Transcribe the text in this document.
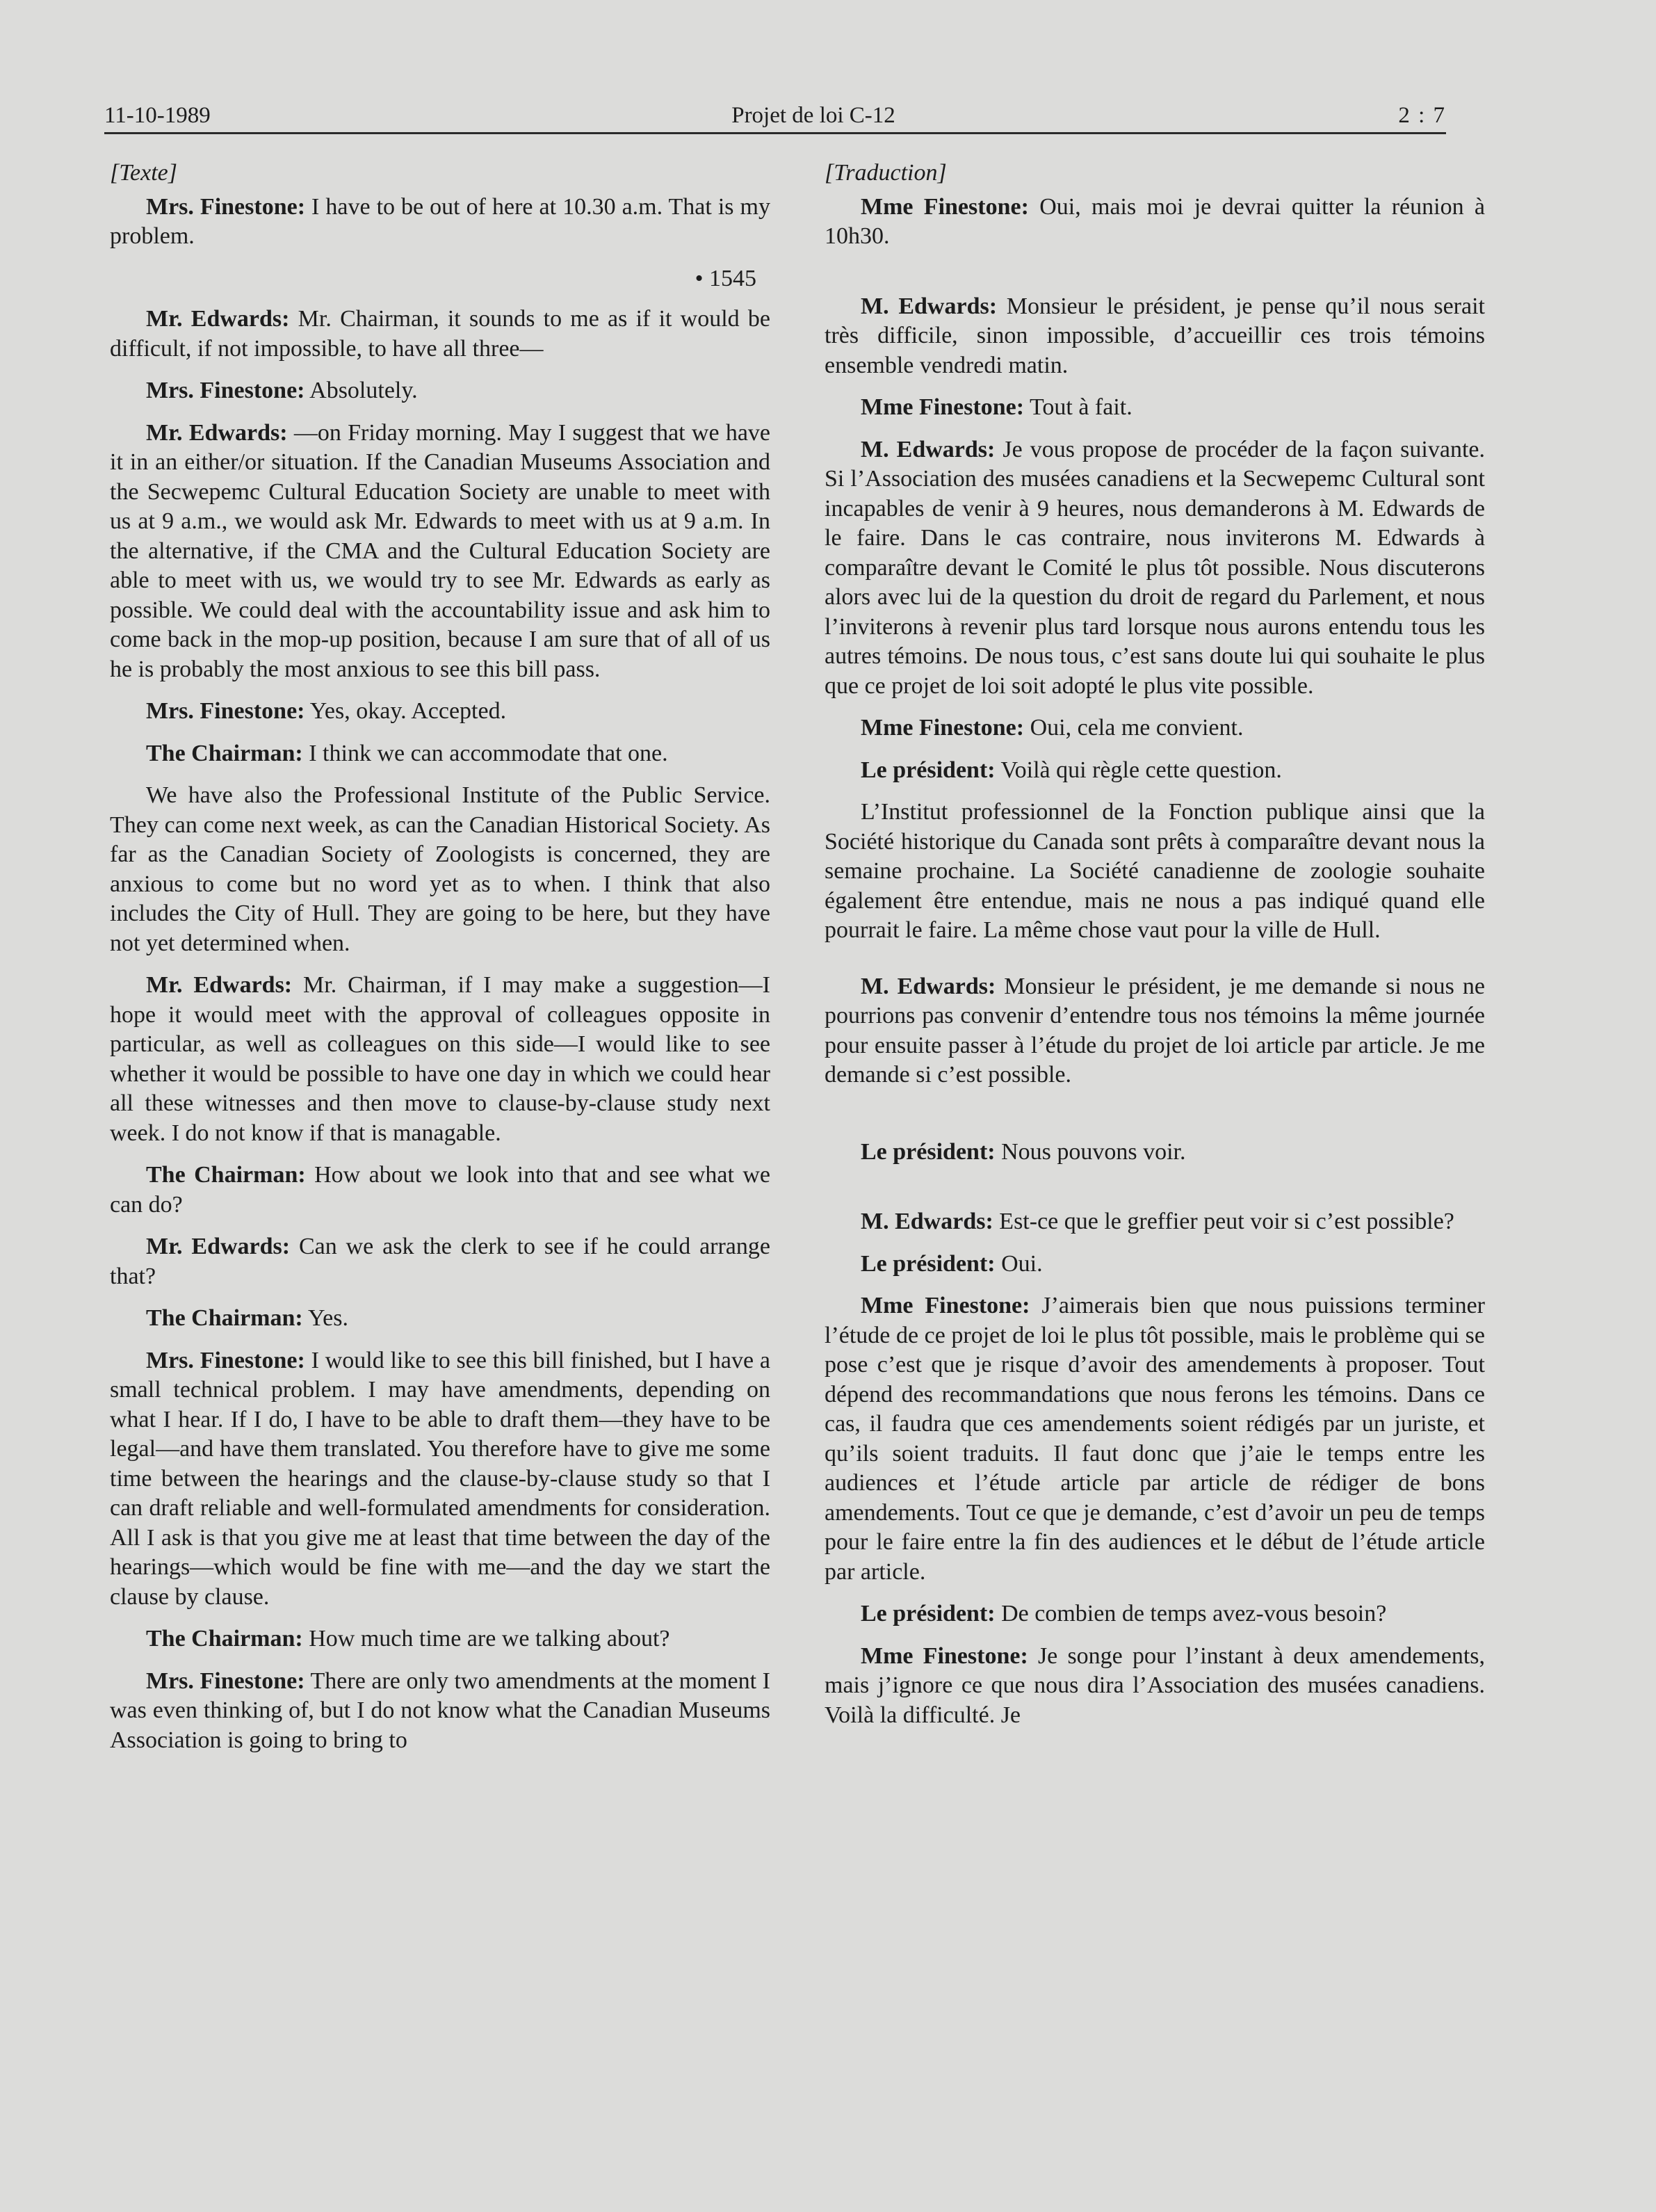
11-10-1989	Projet de loi C-12	2 : 7

[Texte]

Mrs. Finestone: I have to be out of here at 10.30 a.m. That is my problem.

• 1545

Mr. Edwards: Mr. Chairman, it sounds to me as if it would be difficult, if not impossible, to have all three—

Mrs. Finestone: Absolutely.

Mr. Edwards: —on Friday morning. May I suggest that we have it in an either/or situation. If the Canadian Museums Association and the Secwepemc Cultural Education Society are unable to meet with us at 9 a.m., we would ask Mr. Edwards to meet with us at 9 a.m. In the alternative, if the CMA and the Cultural Education Society are able to meet with us, we would try to see Mr. Edwards as early as possible. We could deal with the accountability issue and ask him to come back in the mop-up position, because I am sure that of all of us he is probably the most anxious to see this bill pass.

Mrs. Finestone: Yes, okay. Accepted.

The Chairman: I think we can accommodate that one.

We have also the Professional Institute of the Public Service. They can come next week, as can the Canadian Historical Society. As far as the Canadian Society of Zoologists is concerned, they are anxious to come but no word yet as to when. I think that also includes the City of Hull. They are going to be here, but they have not yet determined when.

Mr. Edwards: Mr. Chairman, if I may make a suggestion—I hope it would meet with the approval of colleagues opposite in particular, as well as colleagues on this side—I would like to see whether it would be possible to have one day in which we could hear all these witnesses and then move to clause-by-clause study next week. I do not know if that is managable.

The Chairman: How about we look into that and see what we can do?

Mr. Edwards: Can we ask the clerk to see if he could arrange that?

The Chairman: Yes.

Mrs. Finestone: I would like to see this bill finished, but I have a small technical problem. I may have amendments, depending on what I hear. If I do, I have to be able to draft them—they have to be legal—and have them translated. You therefore have to give me some time between the hearings and the clause-by-clause study so that I can draft reliable and well-formulated amendments for consideration. All I ask is that you give me at least that time between the day of the hearings—which would be fine with me—and the day we start the clause by clause.

The Chairman: How much time are we talking about?

Mrs. Finestone: There are only two amendments at the moment I was even thinking of, but I do not know what the Canadian Museums Association is going to bring to

[Traduction]

Mme Finestone: Oui, mais moi je devrai quitter la réunion à 10h30.

M. Edwards: Monsieur le président, je pense qu’il nous serait très difficile, sinon impossible, d’accueillir ces trois témoins ensemble vendredi matin.

Mme Finestone: Tout à fait.

M. Edwards: Je vous propose de procéder de la façon suivante. Si l’Association des musées canadiens et la Secwepemc Cultural sont incapables de venir à 9 heures, nous demanderons à M. Edwards de le faire. Dans le cas contraire, nous inviterons M. Edwards à comparaître devant le Comité le plus tôt possible. Nous discuterons alors avec lui de la question du droit de regard du Parlement, et nous l’inviterons à revenir plus tard lorsque nous aurons entendu tous les autres témoins. De nous tous, c’est sans doute lui qui souhaite le plus que ce projet de loi soit adopté le plus vite possible.

Mme Finestone: Oui, cela me convient.

Le président: Voilà qui règle cette question.

L’Institut professionnel de la Fonction publique ainsi que la Société historique du Canada sont prêts à comparaître devant nous la semaine prochaine. La Société canadienne de zoologie souhaite également être entendue, mais ne nous a pas indiqué quand elle pourrait le faire. La même chose vaut pour la ville de Hull.

M. Edwards: Monsieur le président, je me demande si nous ne pourrions pas convenir d’entendre tous nos témoins la même journée pour ensuite passer à l’étude du projet de loi article par article. Je me demande si c’est possible.

Le président: Nous pouvons voir.

M. Edwards: Est-ce que le greffier peut voir si c’est possible?

Le président: Oui.

Mme Finestone: J’aimerais bien que nous puissions terminer l’étude de ce projet de loi le plus tôt possible, mais le problème qui se pose c’est que je risque d’avoir des amendements à proposer. Tout dépend des recommandations que nous ferons les témoins. Dans ce cas, il faudra que ces amendements soient rédigés par un juriste, et qu’ils soient traduits. Il faut donc que j’aie le temps entre les audiences et l’étude article par article de rédiger de bons amendements. Tout ce que je demande, c’est d’avoir un peu de temps pour le faire entre la fin des audiences et le début de l’étude article par article.

Le président: De combien de temps avez-vous besoin?

Mme Finestone: Je songe pour l’instant à deux amendements, mais j’ignore ce que nous dira l’Association des musées canadiens. Voilà la difficulté. Je
